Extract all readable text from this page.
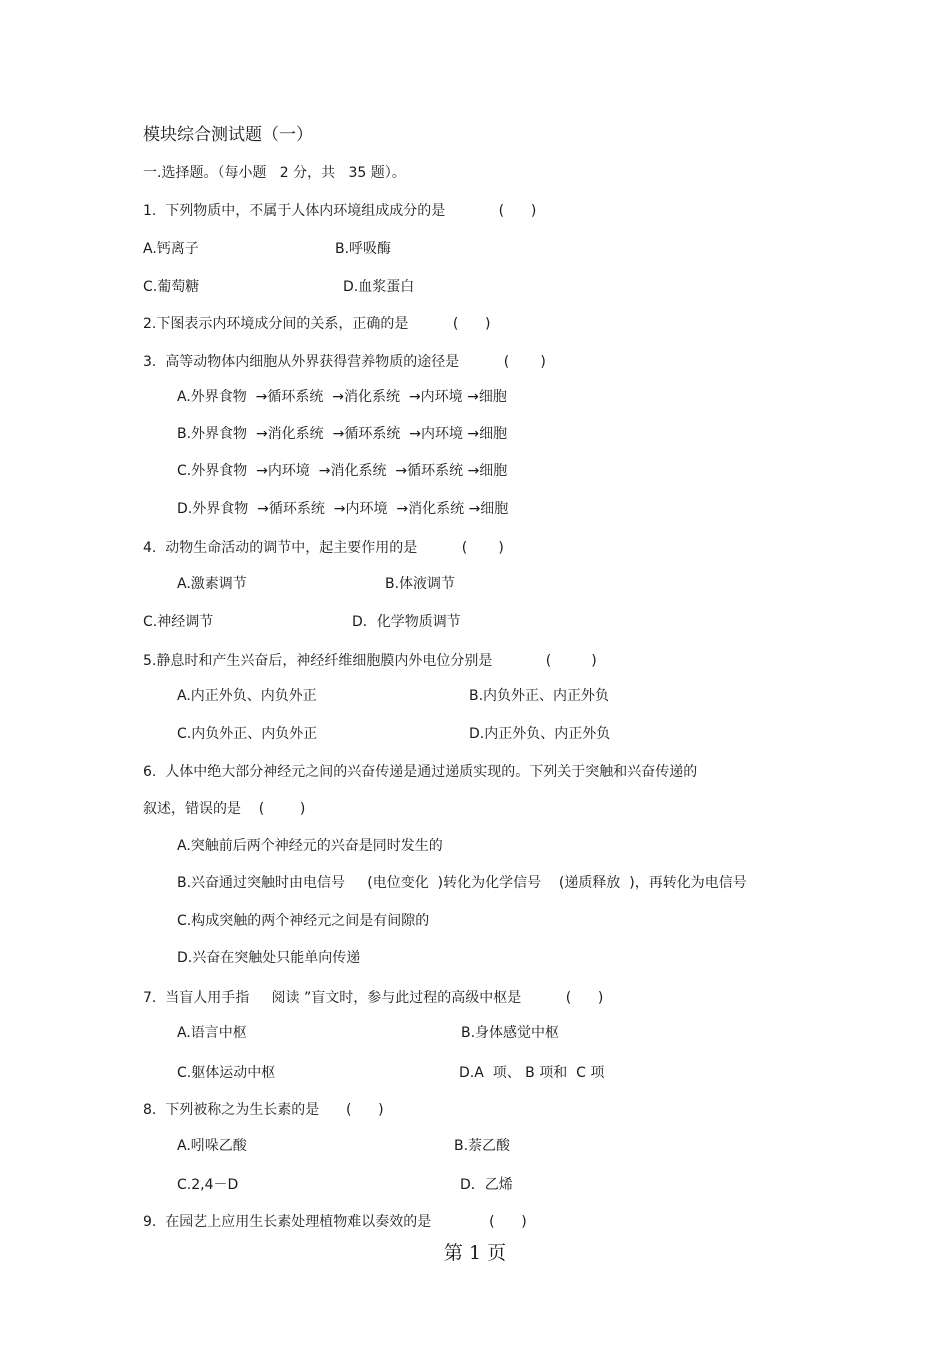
模块综合测试题（一）
一.选择题。（每小题   2 分，共   35 题）。
1.  下列物质中，不属于人体内环境组成成分的是            (      )
A.钙离子	B.呼吸酶
C.葡萄糖	D.血浆蛋白
2.下图表示内环境成分间的关系，正确的是          (      )
3.  高等动物体内细胞从外界获得营养物质的途径是          (       )
A.外界食物  →循环系统  →消化系统  →内环境 →细胞
B.外界食物  →消化系统  →循环系统  →内环境 →细胞
C.外界食物  →内环境  →消化系统  →循环系统 →细胞
D.外界食物  →循环系统  →内环境  →消化系统 →细胞
4.  动物生命活动的调节中，起主要作用的是          (       )
A.激素调节	B.体液调节
C.神经调节	D．化学物质调节
5.静息时和产生兴奋后，神经纤维细胞膜内外电位分别是            (         )
A.内正外负、内负外正	B.内负外正、内正外负
C.内负外正、内负外正	D.内正外负、内正外负
6.  人体中绝大部分神经元之间的兴奋传递是通过递质实现的。下列关于突触和兴奋传递的
叙述，错误的是    (        )
A.突触前后两个神经元的兴奋是同时发生的
B.兴奋通过突触时由电信号     (电位变化  )转化为化学信号    (递质释放  )，再转化为电信号
C.构成突触的两个神经元之间是有间隙的
D.兴奋在突触处只能单向传递
7.  当盲人用手指     阅读 ”盲文时，参与此过程的高级中枢是          (      )
A.语言中枢	B.身体感觉中枢
C.躯体运动中枢	D.A  项、 B 项和  C 项
8.  下列被称之为生长素的是      (      )
A.吲哚乙酸	B.萘乙酸
C.2,4－D	D．乙烯
9.  在园艺上应用生长素处理植物难以奏效的是             (      )
第 1 页
